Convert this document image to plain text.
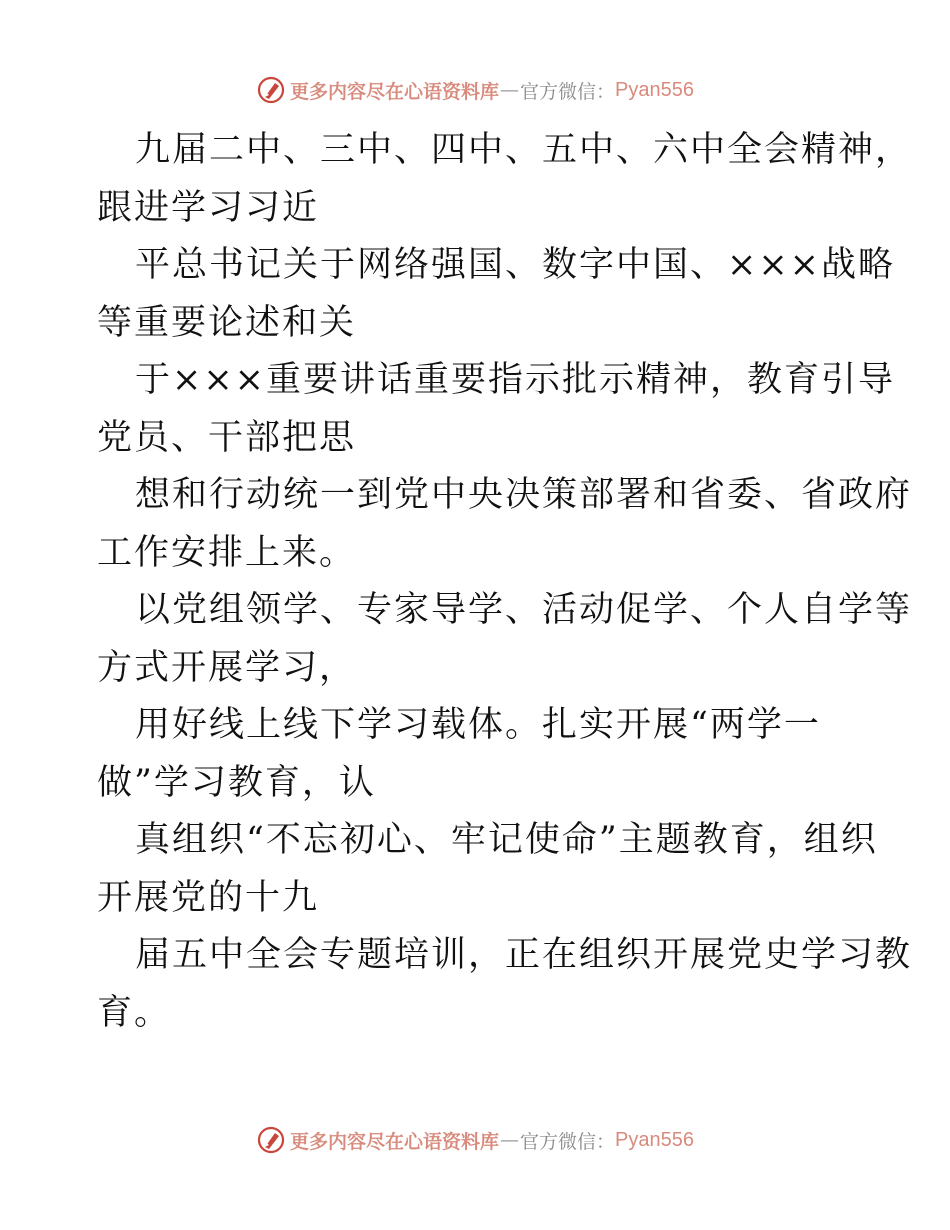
更多内容尽在心语资料库 — 官方微信： Pyan556
九届二中、三中、四中、五中、六中全会精神，
跟进学习习近
平总书记关于网络强国、数字中国、×××战略
等重要论述和关
于×××重要讲话重要指示批示精神，教育引导
党员、干部把思
想和行动统一到党中央决策部署和省委、省政府
工作安排上来。
以党组领学、专家导学、活动促学、个人自学等
方式开展学习，
用好线上线下学习载体。扎实开展“两学一
做”学习教育，认
真组织“不忘初心、牢记使命”主题教育，组织
开展党的十九
届五中全会专题培训，正在组织开展党史学习教
育。
更多内容尽在心语资料库 — 官方微信： Pyan556
